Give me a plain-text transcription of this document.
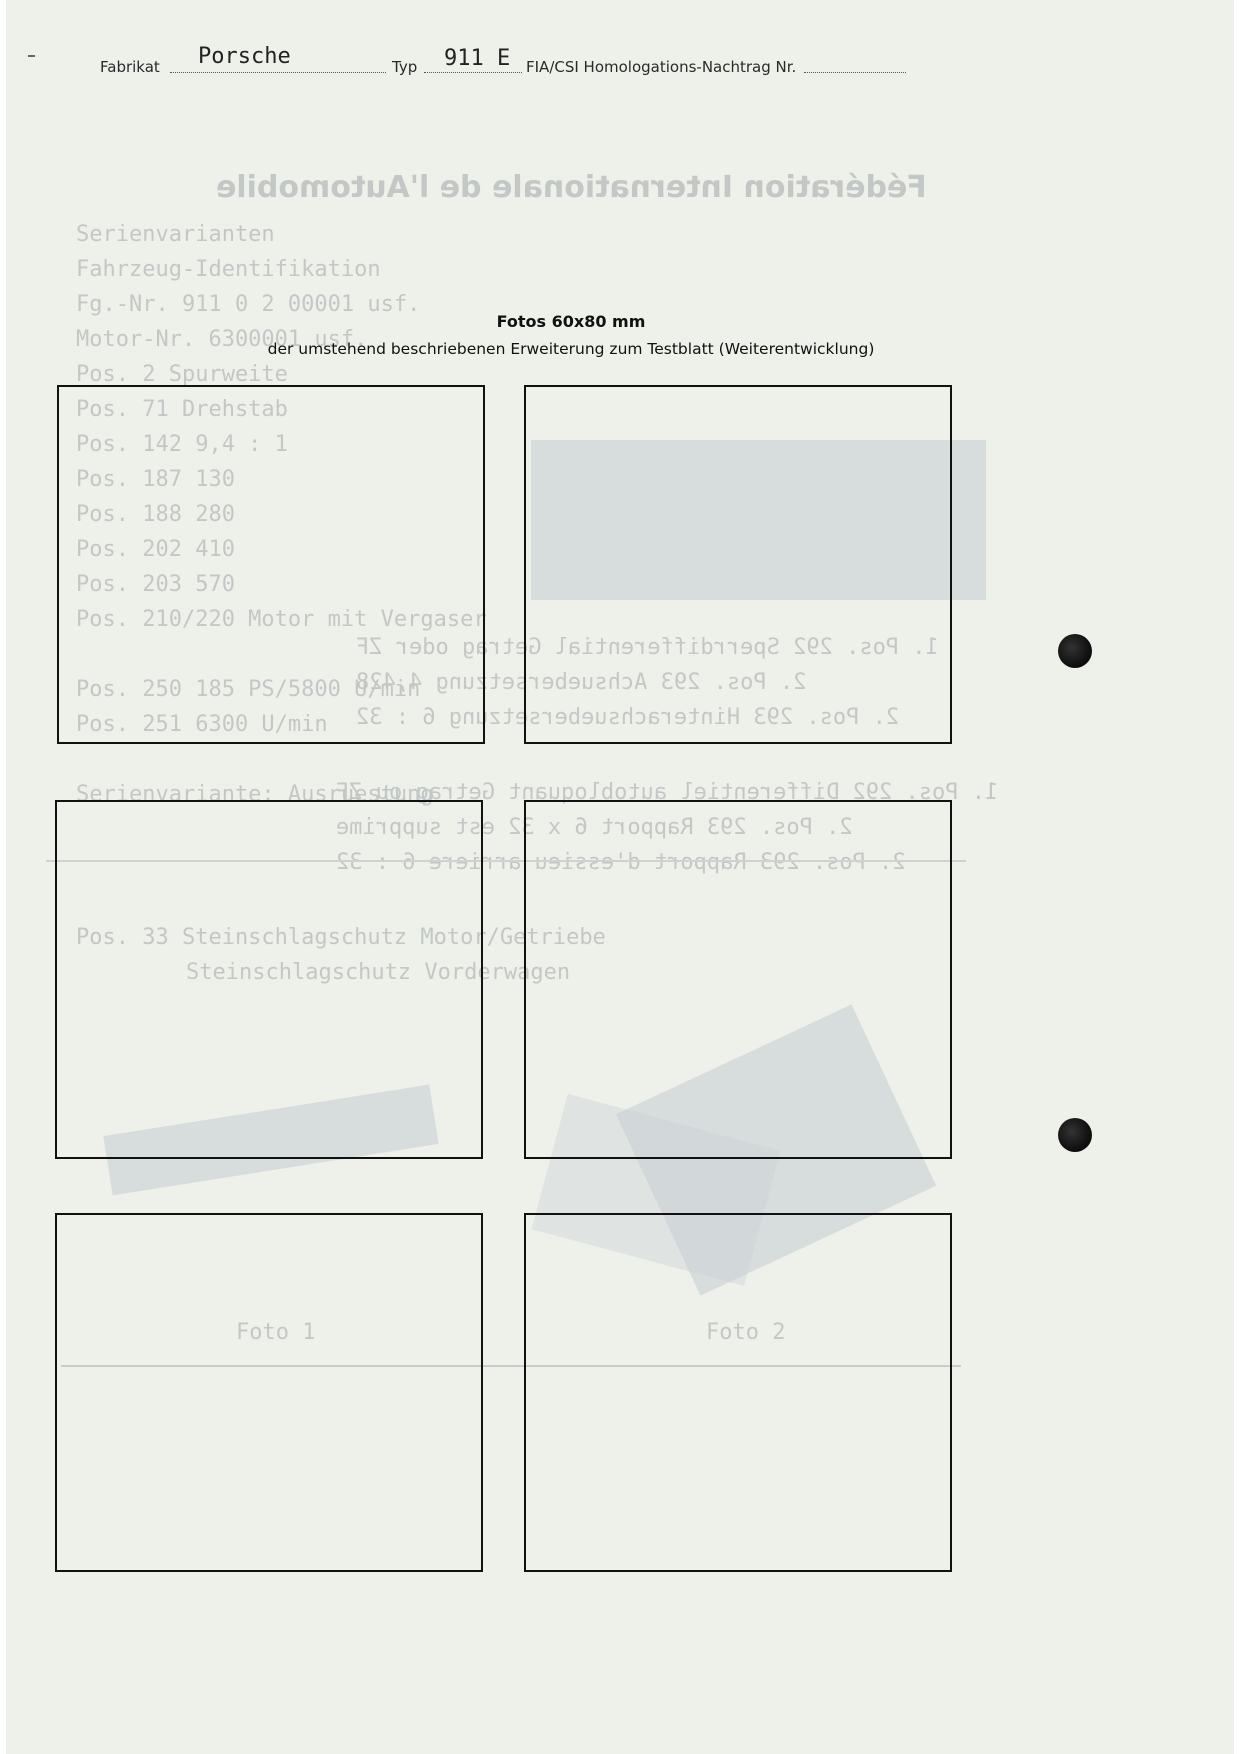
Fédération Internationale de l'Automobile
Serienvarianten
Fahrzeug-Identifikation
Fg.-Nr. 911 0 2 00001 usf.
Motor-Nr. 6300001 usf.
Pos. 2 Spurweite
Pos. 71 Drehstab
Pos. 142 9,4 : 1
Pos. 187 130
Pos. 188 280
Pos. 202 410
Pos. 203 570
Pos. 210/220 Motor mit Vergaser
Pos. 250 185 PS/5800 U/min
Pos. 251 6300 U/min
1. Pos. 292 Sperrdifferential Getrag oder ZF
2. Pos. 293 Achsuebersetzung 4,428
2. Pos. 293 Hinterachsuebersetzung 6 : 32
1. Pos. 292 Differentiel autobloquant Getrag ou ZF
2. Pos. 293 Rapport 6 x 32 est supprime
2. Pos. 293 Rapport d'essieu arriere 6 : 32
Serienvariante: Ausruestung
Pos. 33 Steinschlagschutz Motor/Getriebe
Steinschlagschutz Vorderwagen
Foto 1	Foto 2
Fabrikat Porsche	Typ 911 E FIA/CSI Homologations-Nachtrag Nr.
Fotos 60x80 mm
der umstehend beschriebenen Erweiterung zum Testblatt (Weiterentwicklung)
